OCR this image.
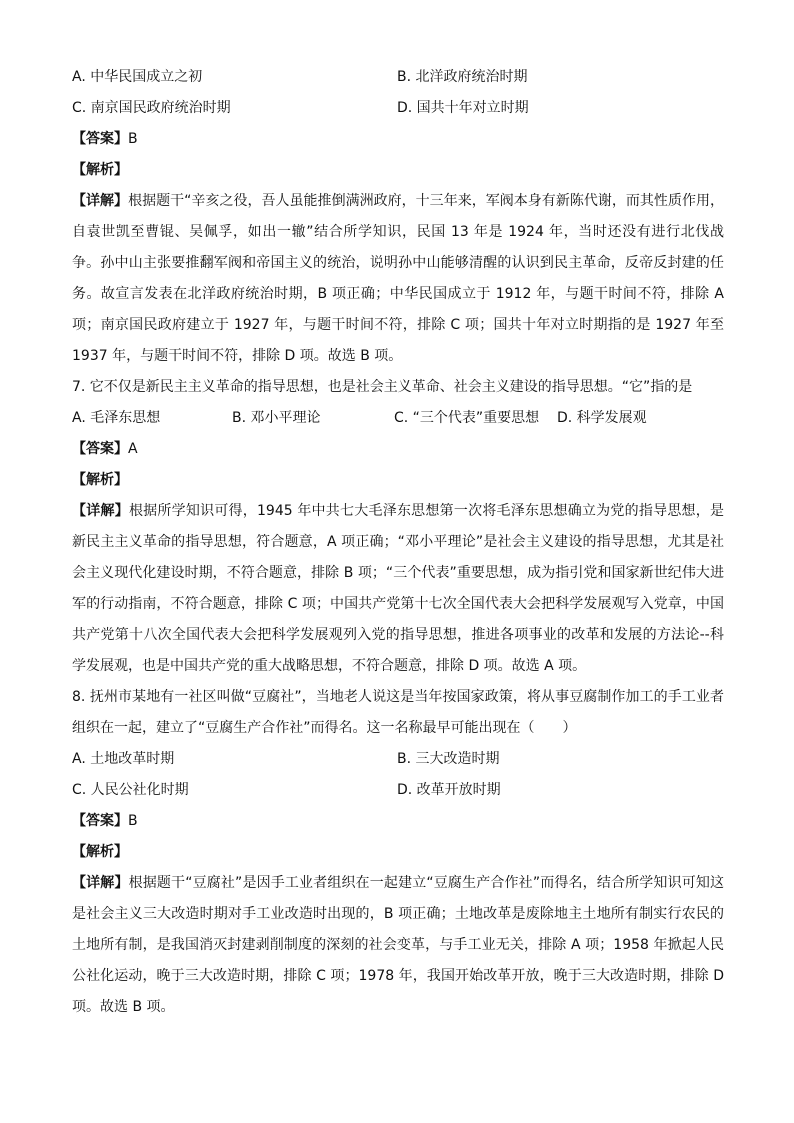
A. 中华民国成立之初	B. 北洋政府统治时期
C. 南京国民政府统治时期	D. 国共十年对立时期
【答案】B
【解析】
【详解】根据题干“辛亥之役，吾人虽能推倒满洲政府，十三年来，军阀本身有新陈代谢，而其性质作用，自袁世凯至曹锟、吴佩孚，如出一辙”结合所学知识，民国 13 年是 1924 年，当时还没有进行北伐战争。孙中山主张要推翻军阀和帝国主义的统治，说明孙中山能够清醒的认识到民主革命，反帝反封建的任务。故宣言发表在北洋政府统治时期，B 项正确；中华民国成立于 1912 年，与题干时间不符，排除 A 项；南京国民政府建立于 1927 年，与题干时间不符，排除 C 项；国共十年对立时期指的是 1927 年至 1937 年，与题干时间不符，排除 D 项。故选 B 项。
7. 它不仅是新民主主义革命的指导思想，也是社会主义革命、社会主义建设的指导思想。“它”指的是
A. 毛泽东思想	B. 邓小平理论	C. “三个代表”重要思想	D. 科学发展观
【答案】A
【解析】
【详解】根据所学知识可得，1945 年中共七大毛泽东思想第一次将毛泽东思想确立为党的指导思想，是新民主主义革命的指导思想，符合题意，A 项正确；“邓小平理论”是社会主义建设的指导思想，尤其是社会主义现代化建设时期，不符合题意，排除 B 项；“三个代表”重要思想，成为指引党和国家新世纪伟大进军的行动指南，不符合题意，排除 C 项；中国共产党第十七次全国代表大会把科学发展观写入党章，中国共产党第十八次全国代表大会把科学发展观列入党的指导思想，推进各项事业的改革和发展的方法论--科学发展观，也是中国共产党的重大战略思想，不符合题意，排除 D 项。故选 A 项。
8. 抚州市某地有一社区叫做“豆腐社”，当地老人说这是当年按国家政策，将从事豆腐制作加工的手工业者组织在一起，建立了“豆腐生产合作社”而得名。这一名称最早可能出现在（　　）
A. 土地改革时期	B. 三大改造时期
C. 人民公社化时期	D. 改革开放时期
【答案】B
【解析】
【详解】根据题干“豆腐社”是因手工业者组织在一起建立“豆腐生产合作社”而得名，结合所学知识可知这是社会主义三大改造时期对手工业改造时出现的，B 项正确；土地改革是废除地主土地所有制实行农民的土地所有制，是我国消灭封建剥削制度的深刻的社会变革，与手工业无关，排除 A 项；1958 年掀起人民公社化运动，晚于三大改造时期，排除 C 项；1978 年，我国开始改革开放，晚于三大改造时期，排除 D 项。故选 B 项。
